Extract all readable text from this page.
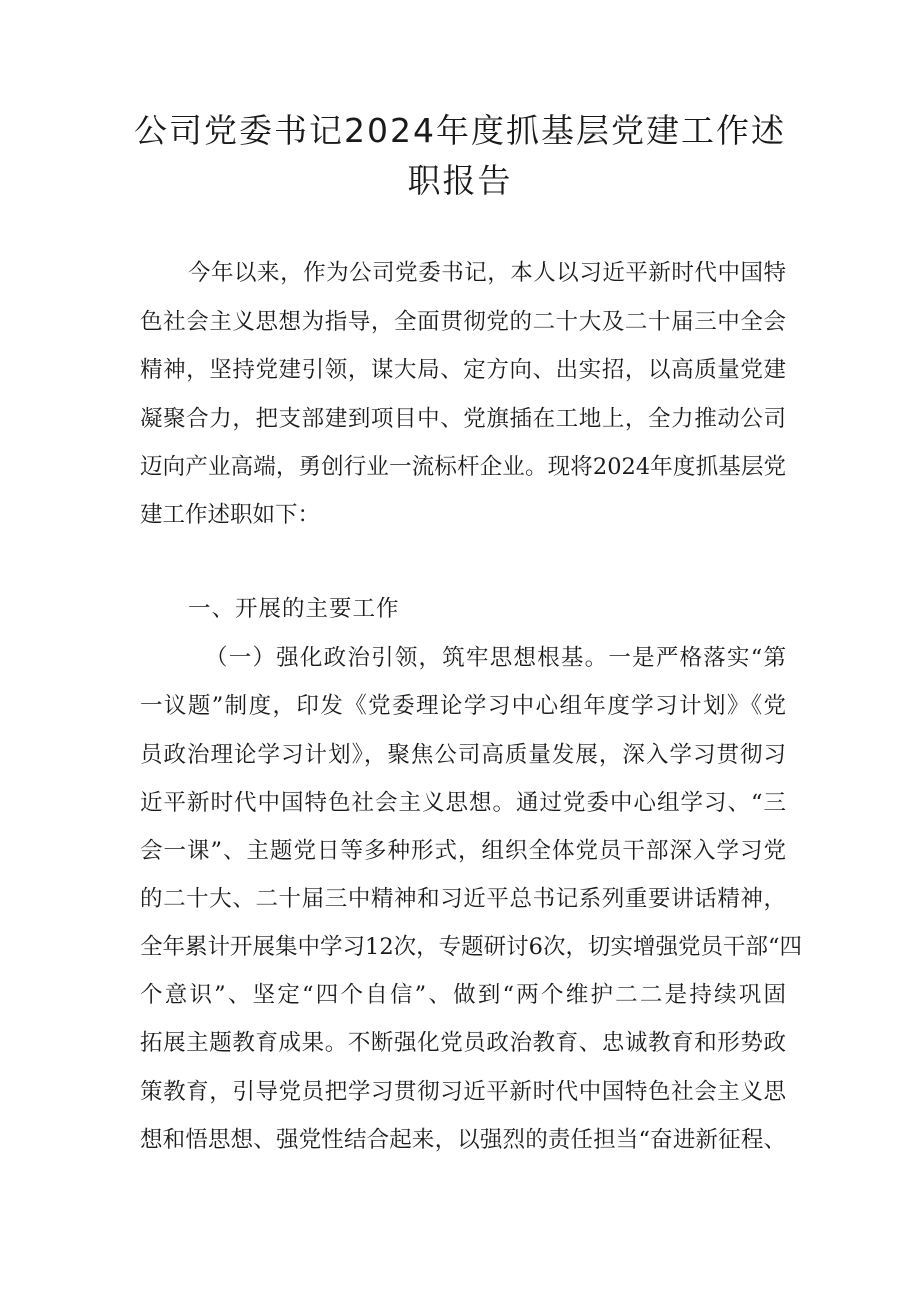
公司党委书记2024年度抓基层党建工作述
职报告
今年以来，作为公司党委书记，本人以习近平新时代中国特
色社会主义思想为指导，全面贯彻党的二十大及二十届三中全会
精神，坚持党建引领，谋大局、定方向、出实招，以高质量党建
凝聚合力，把支部建到项目中、党旗插在工地上，全力推动公司
迈向产业高端，勇创行业一流标杆企业。现将2024年度抓基层党
建工作述职如下：
一、开展的主要工作
（一）强化政治引领，筑牢思想根基。一是严格落实“第
一议题”制度，印发《党委理论学习中心组年度学习计划》《党
员政治理论学习计划》，聚焦公司高质量发展，深入学习贯彻习
近平新时代中国特色社会主义思想。通过党委中心组学习、“三
会一课”、主题党日等多种形式，组织全体党员干部深入学习党
的二十大、二十届三中精神和习近平总书记系列重要讲话精神，
全年累计开展集中学习12次，专题研讨6次，切实增强党员干部“四
个意识”、坚定“四个自信”、做到“两个维护二二是持续巩固
拓展主题教育成果。不断强化党员政治教育、忠诚教育和形势政
策教育，引导党员把学习贯彻习近平新时代中国特色社会主义思
想和悟思想、强党性结合起来，以强烈的责任担当“奋进新征程、
